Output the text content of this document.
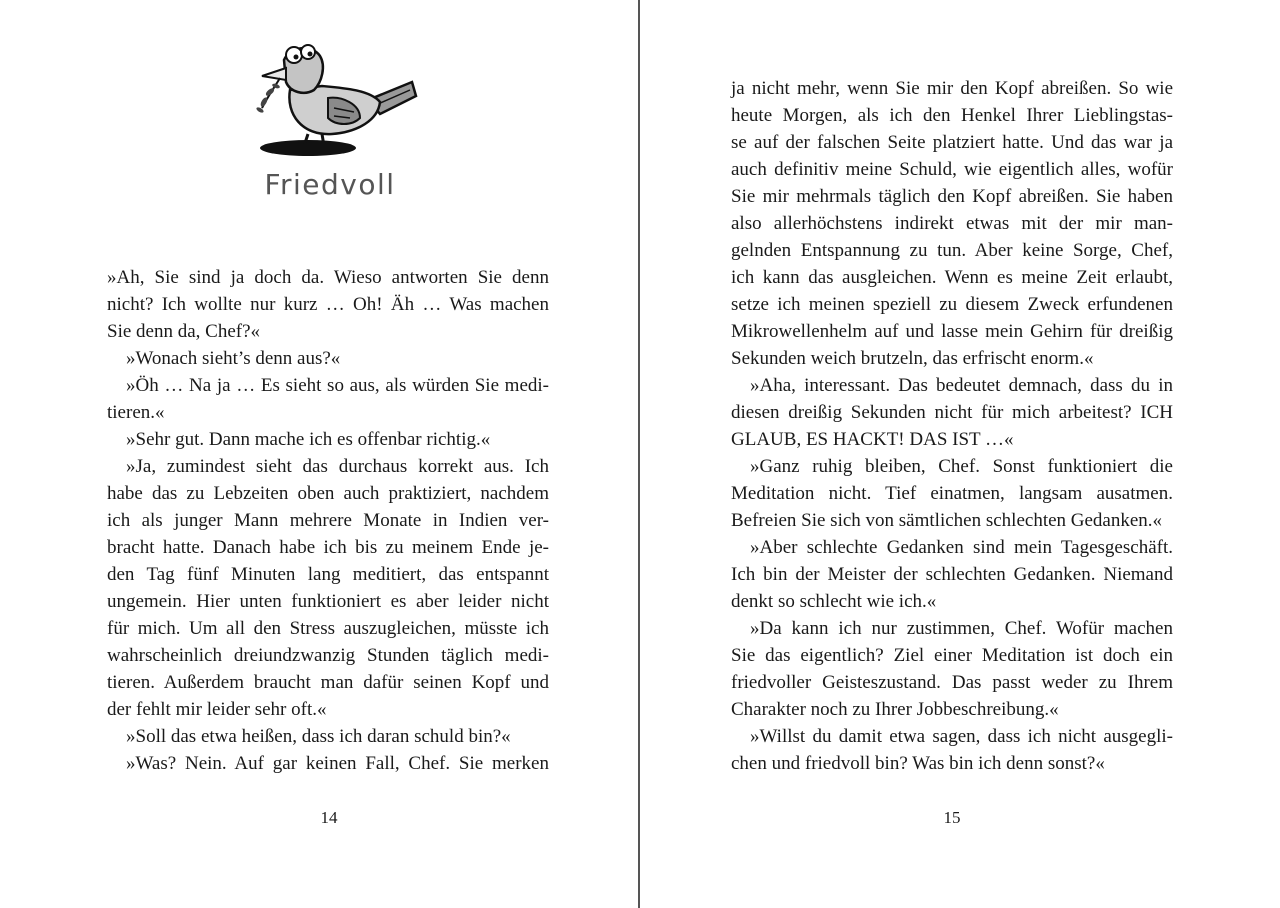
Friedvoll
»Ah, Sie sind ja doch da. Wieso antworten Sie denn
nicht? Ich wollte nur kurz … Oh! Äh … Was machen
Sie denn da, Chef?«
»Wonach sieht’s denn aus?«
»Öh … Na ja … Es sieht so aus, als würden Sie medi-
tieren.«
»Sehr gut. Dann mache ich es offenbar richtig.«
»Ja, zumindest sieht das durchaus korrekt aus. Ich
habe das zu Lebzeiten oben auch praktiziert, nachdem
ich als junger Mann mehrere Monate in Indien ver-
bracht hatte. Danach habe ich bis zu meinem Ende je-
den Tag fünf Minuten lang meditiert, das entspannt
ungemein. Hier unten funktioniert es aber leider nicht
für mich. Um all den Stress auszugleichen, müsste ich
wahrscheinlich dreiundzwanzig Stunden täglich medi-
tieren. Außerdem braucht man dafür seinen Kopf und
der fehlt mir leider sehr oft.«
»Soll das etwa heißen, dass ich daran schuld bin?«
»Was? Nein. Auf gar keinen Fall, Chef. Sie merken
14
ja nicht mehr, wenn Sie mir den Kopf abreißen. So wie
heute Morgen, als ich den Henkel Ihrer Lieblingstas-
se auf der falschen Seite platziert hatte. Und das war ja
auch definitiv meine Schuld, wie eigentlich alles, wofür
Sie mir mehrmals täglich den Kopf abreißen. Sie haben
also allerhöchstens indirekt etwas mit der mir man-
gelnden Entspannung zu tun. Aber keine Sorge, Chef,
ich kann das ausgleichen. Wenn es meine Zeit erlaubt,
setze ich meinen speziell zu diesem Zweck erfundenen
Mikrowellenhelm auf und lasse mein Gehirn für dreißig
Sekunden weich brutzeln, das erfrischt enorm.«
»Aha, interessant. Das bedeutet demnach, dass du in
diesen dreißig Sekunden nicht für mich arbeitest? ICH
GLAUB, ES HACKT! DAS IST …«
»Ganz ruhig bleiben, Chef. Sonst funktioniert die
Meditation nicht. Tief einatmen, langsam ausatmen.
Befreien Sie sich von sämtlichen schlechten Gedanken.«
»Aber schlechte Gedanken sind mein Tagesgeschäft.
Ich bin der Meister der schlechten Gedanken. Niemand
denkt so schlecht wie ich.«
»Da kann ich nur zustimmen, Chef. Wofür machen
Sie das eigentlich? Ziel einer Meditation ist doch ein
friedvoller Geisteszustand. Das passt weder zu Ihrem
Charakter noch zu Ihrer Jobbeschreibung.«
»Willst du damit etwa sagen, dass ich nicht ausgegli-
chen und friedvoll bin? Was bin ich denn sonst?«
15
